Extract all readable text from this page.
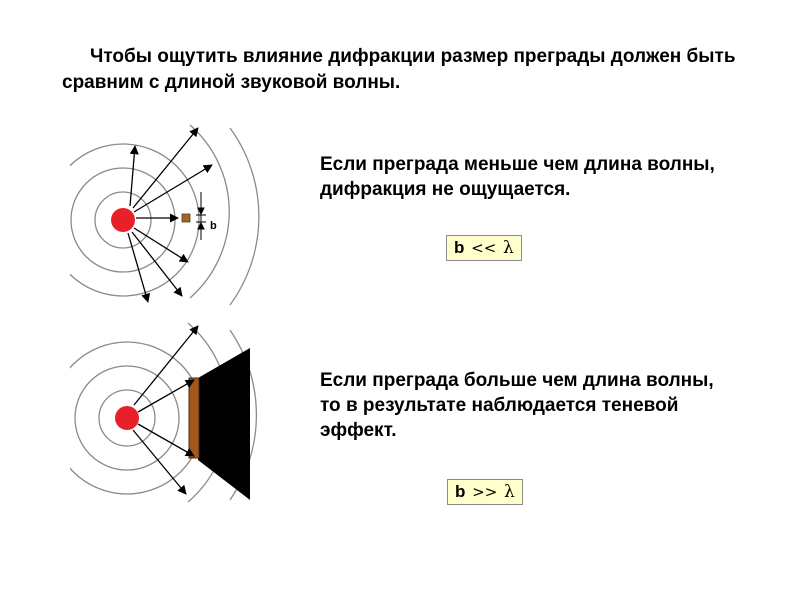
Чтобы ощутить влияние дифракции размер преграды должен быть сравним с длиной звуковой волны.
b
Если преграда меньше чем длина волны, дифракция не ощущается.
b << λ
Если преграда больше чем длина волны, то в результате наблюдается теневой эффект.
b >> λ
